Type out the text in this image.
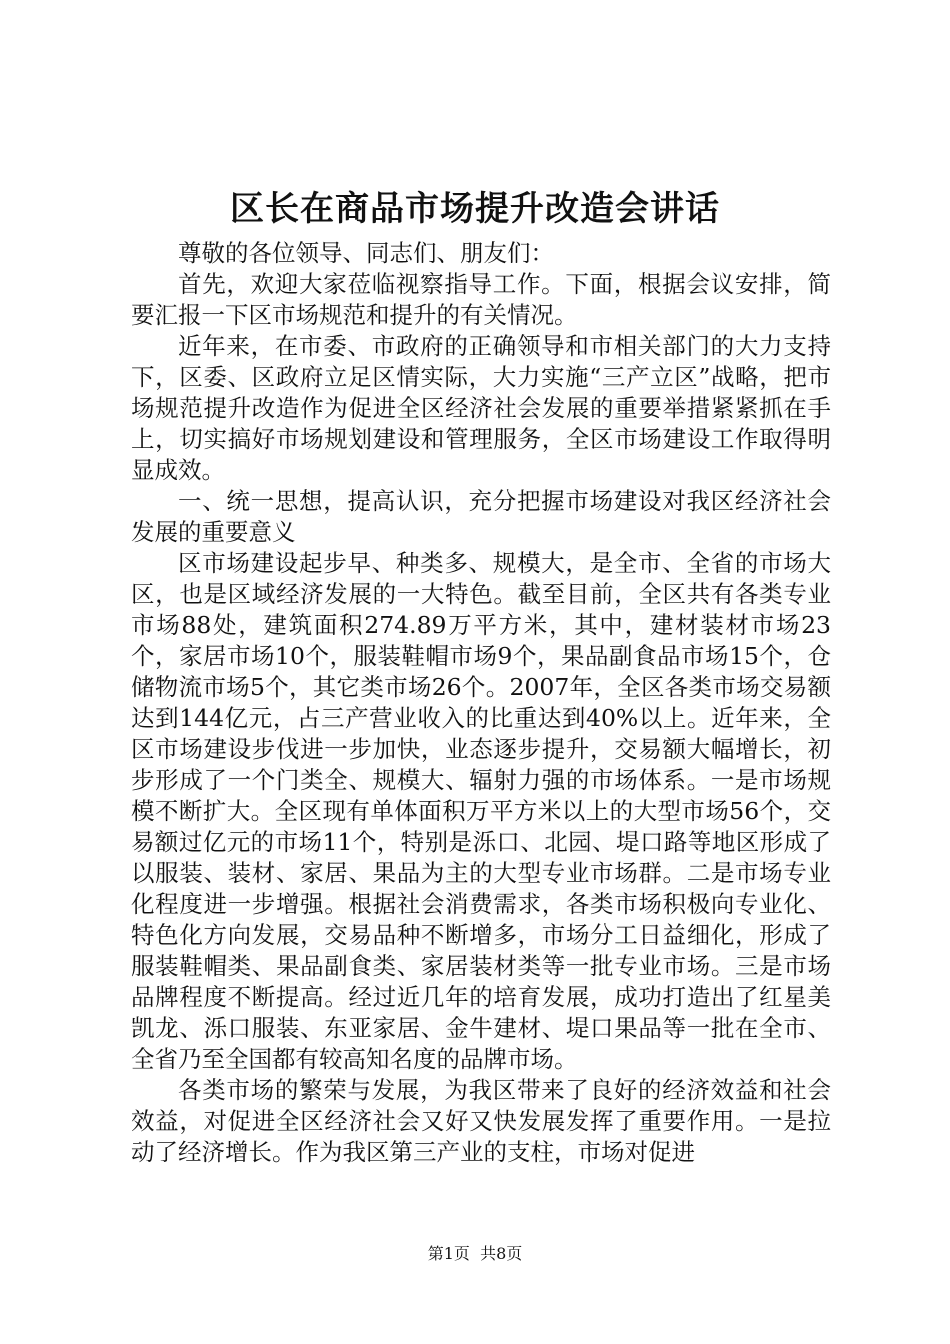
区长在商品市场提升改造会讲话

尊敬的各位领导、同志们、朋友们：

首先，欢迎大家莅临视察指导工作。下面，根据会议安排，简要汇报一下区市场规范和提升的有关情况。

近年来，在市委、市政府的正确领导和市相关部门的大力支持下，区委、区政府立足区情实际，大力实施“三产立区”战略，把市场规范提升改造作为促进全区经济社会发展的重要举措紧紧抓在手上，切实搞好市场规划建设和管理服务，全区市场建设工作取得明显成效。

一、统一思想，提高认识，充分把握市场建设对我区经济社会发展的重要意义

区市场建设起步早、种类多、规模大，是全市、全省的市场大区，也是区域经济发展的一大特色。截至目前，全区共有各类专业市场88处，建筑面积274.89万平方米，其中，建材装材市场23个，家居市场10个，服装鞋帽市场9个，果品副食品市场15个，仓储物流市场5个，其它类市场26个。2007年，全区各类市场交易额达到144亿元，占三产营业收入的比重达到40%以上。近年来，全区市场建设步伐进一步加快，业态逐步提升，交易额大幅增长，初步形成了一个门类全、规模大、辐射力强的市场体系。一是市场规模不断扩大。全区现有单体面积万平方米以上的大型市场56个，交易额过亿元的市场11个，特别是泺口、北园、堤口路等地区形成了以服装、装材、家居、果品为主的大型专业市场群。二是市场专业化程度进一步增强。根据社会消费需求，各类市场积极向专业化、特色化方向发展，交易品种不断增多，市场分工日益细化，形成了服装鞋帽类、果品副食类、家居装材类等一批专业市场。三是市场品牌程度不断提高。经过近几年的培育发展，成功打造出了红星美凯龙、泺口服装、东亚家居、金牛建材、堤口果品等一批在全市、全省乃至全国都有较高知名度的品牌市场。

各类市场的繁荣与发展，为我区带来了良好的经济效益和社会效益，对促进全区经济社会又好又快发展发挥了重要作用。一是拉动了经济增长。作为我区第三产业的支柱，市场对促进

第1页  共8页
